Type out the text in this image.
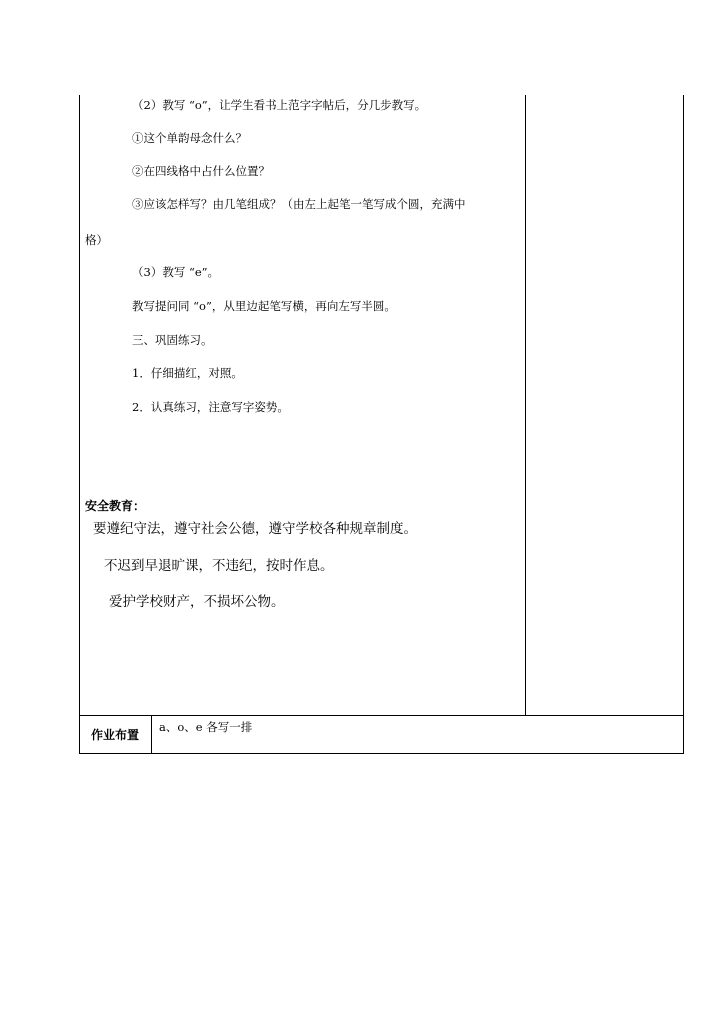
（2）教写 “o”，让学生看书上范字字帖后，分几步教写。
①这个单韵母念什么？
②在四线格中占什么位置？
③应该怎样写？由几笔组成？（由左上起笔一笔写成个圆，充满中
格）
（3）教写 “e”。
教写提问同 “o”，从里边起笔写横，再向左写半圆。
三、巩固练习。
1．仔细描红，对照。
2．认真练习，注意写字姿势。
安全教育：
要遵纪守法，遵守社会公德，遵守学校各种规章制度。
不迟到早退旷课，不违纪，按时作息。
爱护学校财产，不损坏公物。
作业布置
a、o、e 各写一排
